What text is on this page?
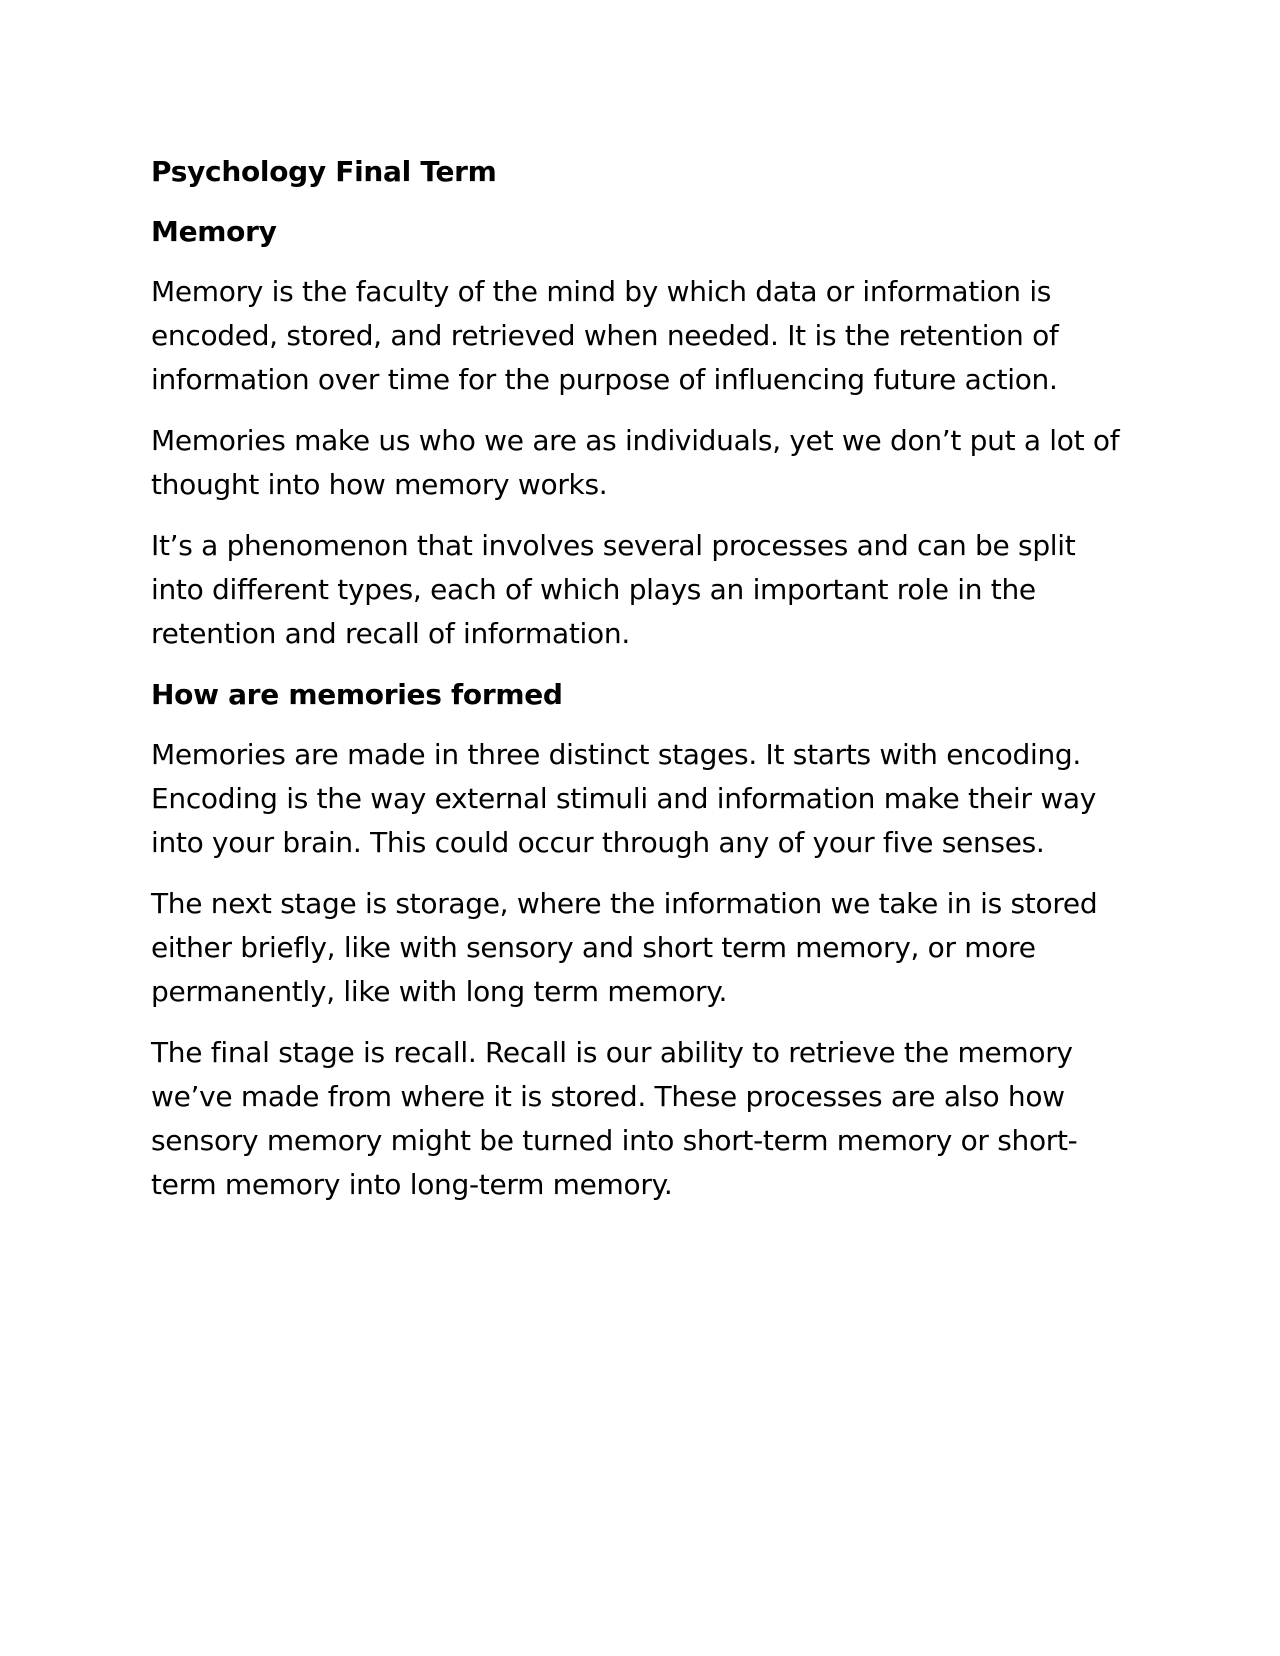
Psychology Final Term

Memory

Memory is the faculty of the mind by which data or information is encoded, stored, and retrieved when needed. It is the retention of information over time for the purpose of influencing future action.

Memories make us who we are as individuals, yet we don’t put a lot of thought into how memory works.

It’s a phenomenon that involves several processes and can be split into different types, each of which plays an important role in the retention and recall of information.

How are memories formed

Memories are made in three distinct stages. It starts with encoding. Encoding is the way external stimuli and information make their way into your brain. This could occur through any of your five senses.

The next stage is storage, where the information we take in is stored either briefly, like with sensory and short term memory, or more permanently, like with long term memory.

The final stage is recall. Recall is our ability to retrieve the memory we’ve made from where it is stored. These processes are also how sensory memory might be turned into short-term memory or short-term memory into long-term memory.
